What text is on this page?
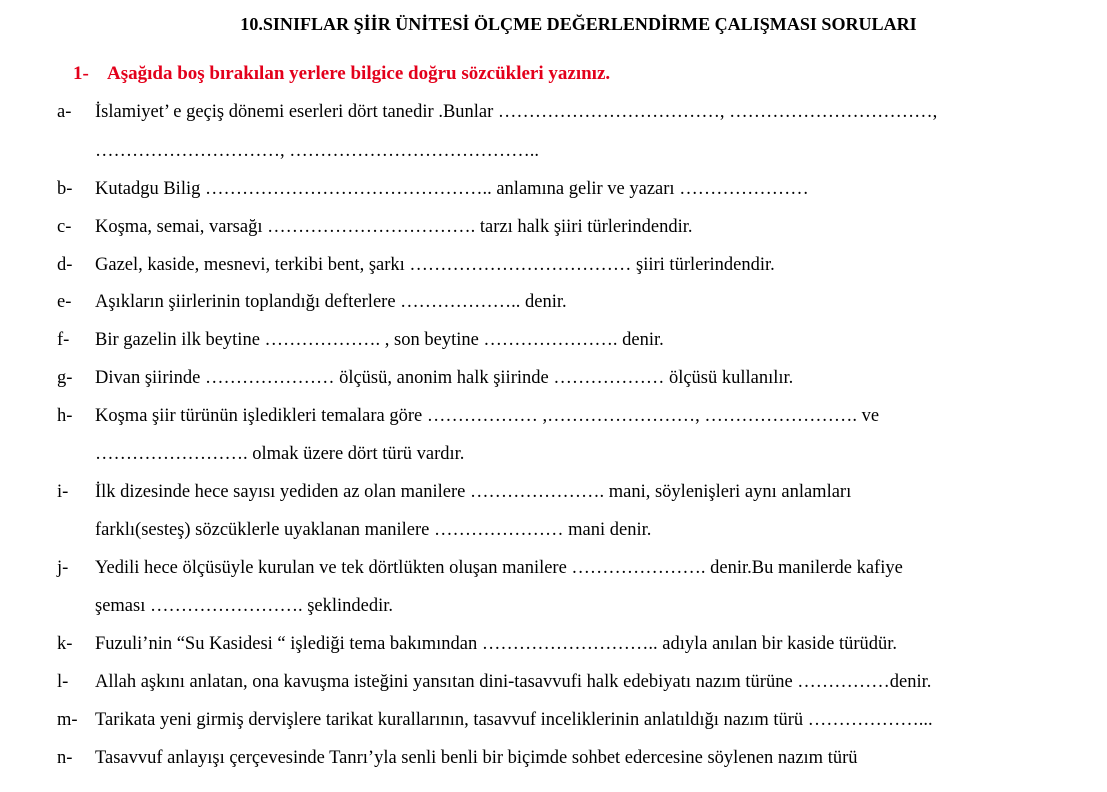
10.SINIFLAR ŞİİR ÜNİTESİ ÖLÇME DEĞERLENDİRME ÇALIŞMASI SORULARI
1- Aşağıda boş bırakılan yerlere bilgice doğru sözcükleri yazınız.
a- İslamiyet’ e geçiş dönemi eserleri dört tanedir .Bunlar ………………………………, ……………………………,
…………………………, …………………………………..
b- Kutadgu Bilig ……………………………………….. anlamına gelir ve yazarı …………………
c- Koşma, semai, varsağı ……………………………. tarzı halk şiiri türlerindendir.
d- Gazel, kaside, mesnevi, terkibi bent, şarkı ……………………………… şiiri türlerindendir.
e- Aşıkların şiirlerinin toplandığı defterlere ……………….. denir.
f- Bir gazelin ilk beytine ………………. , son beytine …………………. denir.
g- Divan şiirinde ………………… ölçüsü, anonim halk şiirinde ……………… ölçüsü kullanılır.
h- Koşma şiir türünün işledikleri temalara göre ……………… ,……………………, ……………………. ve
……………………. olmak üzere dört türü vardır.
i- İlk dizesinde hece sayısı yediden az olan manilere …………………. mani, söylenişleri aynı anlamları
farklı(sesteş) sözcüklerle uyaklanan manilere ………………… mani denir.
j- Yedili hece ölçüsüyle kurulan ve tek dörtlükten oluşan manilere …………………. denir.Bu manilerde kafiye
şeması ……………………. şeklindedir.
k- Fuzuli’nin “Su Kasidesi “ işlediği tema bakımından ……………………….. adıyla anılan bir kaside türüdür.
l- Allah aşkını anlatan, ona kavuşma isteğini yansıtan dini-tasavvufi halk edebiyatı nazım türüne ……………denir.
m- Tarikata yeni girmiş dervişlere tarikat kurallarının, tasavvuf inceliklerinin anlatıldığı nazım türü ………………...
n- Tasavvuf anlayışı çerçevesinde Tanrı’yla senli benli bir biçimde sohbet edercesine söylenen nazım türü
